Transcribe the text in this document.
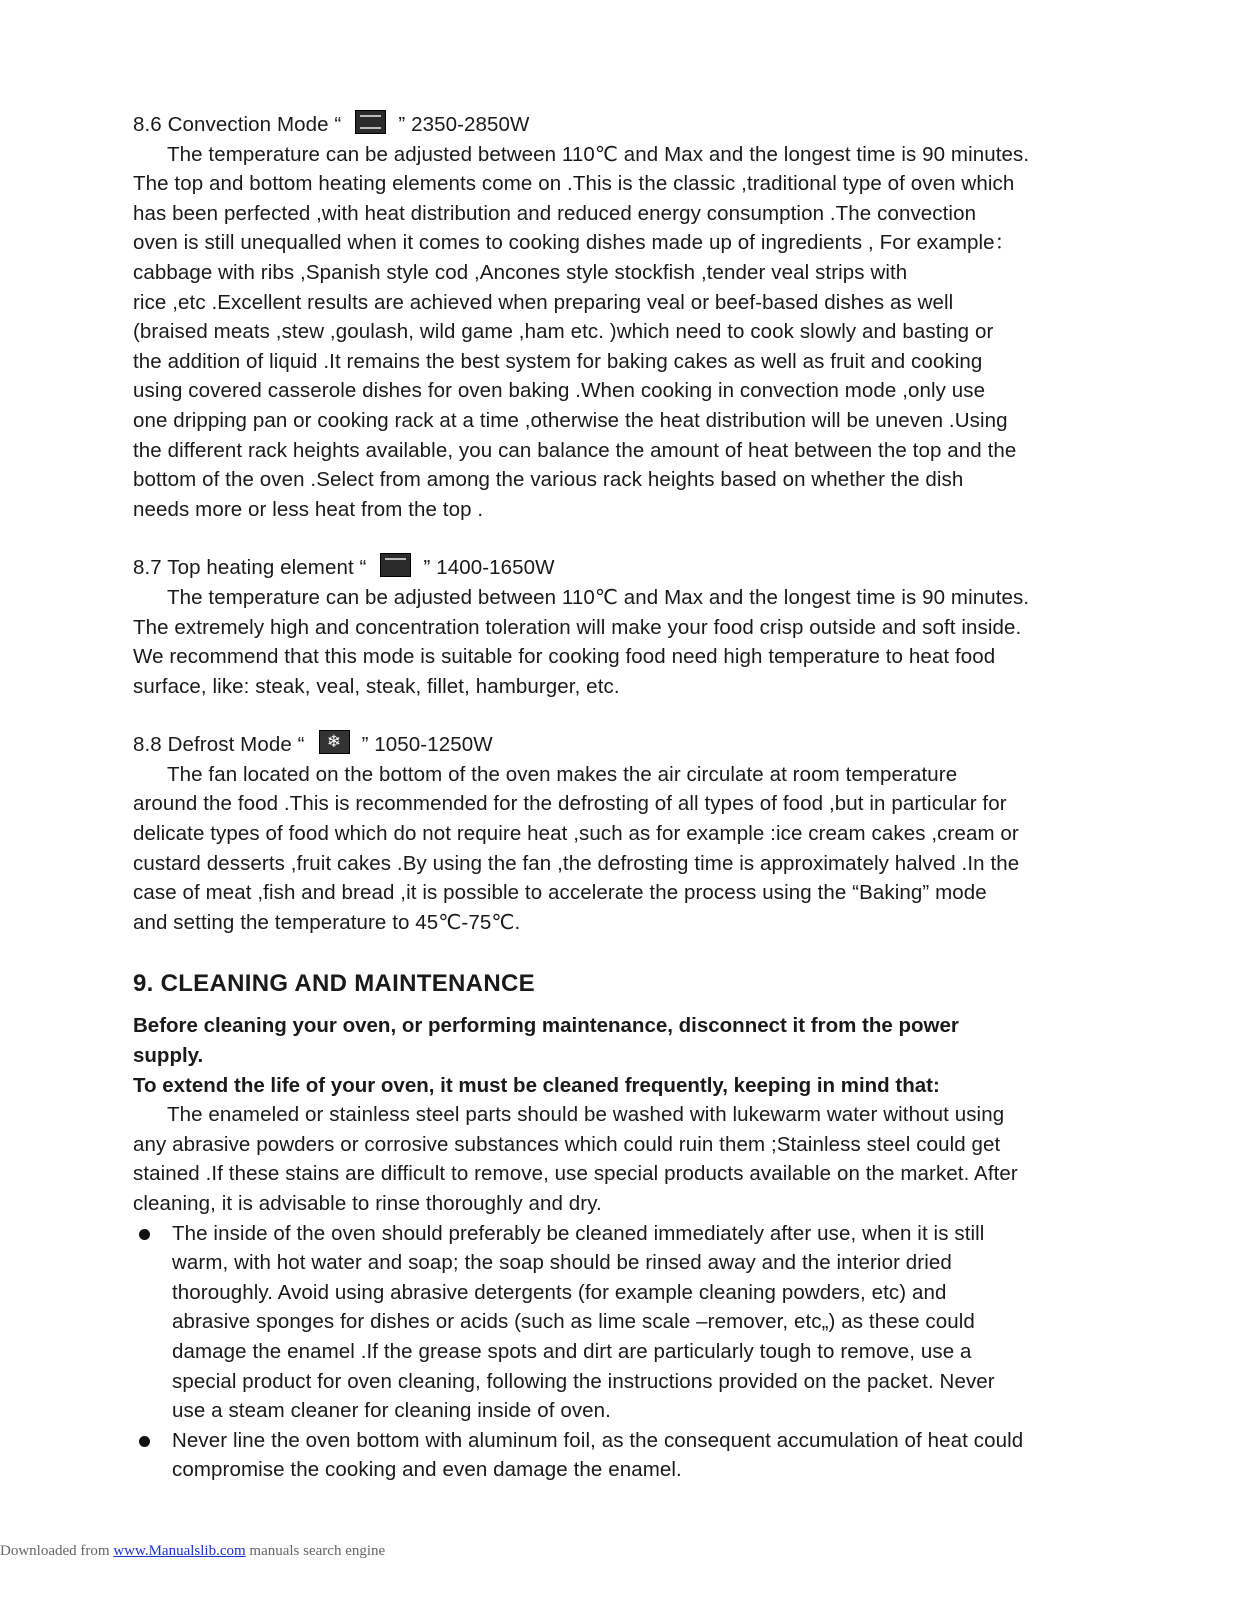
8.6 Convection Mode “	” 2350-2850W
The temperature can be adjusted between 110℃ and Max and the longest time is 90 minutes.
The top and bottom heating elements come on .This is the classic ,traditional type of oven which
has been perfected ,with heat distribution and reduced energy consumption .The convection
oven is still unequalled when it comes to cooking dishes made up of ingredients , For example：
cabbage with ribs ,Spanish style cod ,Ancones style stockfish ,tender veal strips with
rice ,etc .Excellent results are achieved when preparing veal or beef-based dishes as well
(braised meats ,stew ,goulash, wild game ,ham etc. )which need to cook slowly and basting or
the addition of liquid .It remains the best system for baking cakes as well as fruit and cooking
using covered casserole dishes for oven baking .When cooking in convection mode ,only use
one dripping pan or cooking rack at a time ,otherwise the heat distribution will be uneven .Using
the different rack heights available, you can balance the amount of heat between the top and the
bottom of the oven .Select from among the various rack heights based on whether the dish
needs more or less heat from the top .
8.7 Top heating element “	” 1400-1650W
The temperature can be adjusted between 110℃ and Max and the longest time is 90 minutes.
The extremely high and concentration toleration will make your food crisp outside and soft inside.
We recommend that this mode is suitable for cooking food need high temperature to heat food
surface, like: steak, veal, steak, fillet, hamburger, etc.
8.8 Defrost Mode “	❄ ” 1050-1250W
The fan located on the bottom of the oven makes the air circulate at room temperature
around the food .This is recommended for the defrosting of all types of food ,but in particular for
delicate types of food which do not require heat ,such as for example :ice cream cakes ,cream or
custard desserts ,fruit cakes .By using the fan ,the defrosting time is approximately halved .In the
case of meat ,fish and bread ,it is possible to accelerate the process using the “Baking” mode
and setting the temperature to 45℃-75℃.
9. CLEANING AND MAINTENANCE
Before cleaning your oven, or performing maintenance, disconnect it from the power
supply.
To extend the life of your oven, it must be cleaned frequently, keeping in mind that:
The enameled or stainless steel parts should be washed with lukewarm water without using
any abrasive powders or corrosive substances which could ruin them ;Stainless steel could get
stained .If these stains are difficult to remove, use special products available on the market. After
cleaning, it is advisable to rinse thoroughly and dry.
The inside of the oven should preferably be cleaned immediately after use, when it is still
warm, with hot water and soap; the soap should be rinsed away and the interior dried
thoroughly. Avoid using abrasive detergents (for example cleaning powders, etc) and
abrasive sponges for dishes or acids (such as lime scale –remover, etc„) as these could
damage the enamel .If the grease spots and dirt are particularly tough to remove, use a
special product for oven cleaning, following the instructions provided on the packet. Never
use a steam cleaner for cleaning inside of oven.
Never line the oven bottom with aluminum foil, as the consequent accumulation of heat could
compromise the cooking and even damage the enamel.
Downloaded from www.Manualslib.com manuals search engine
